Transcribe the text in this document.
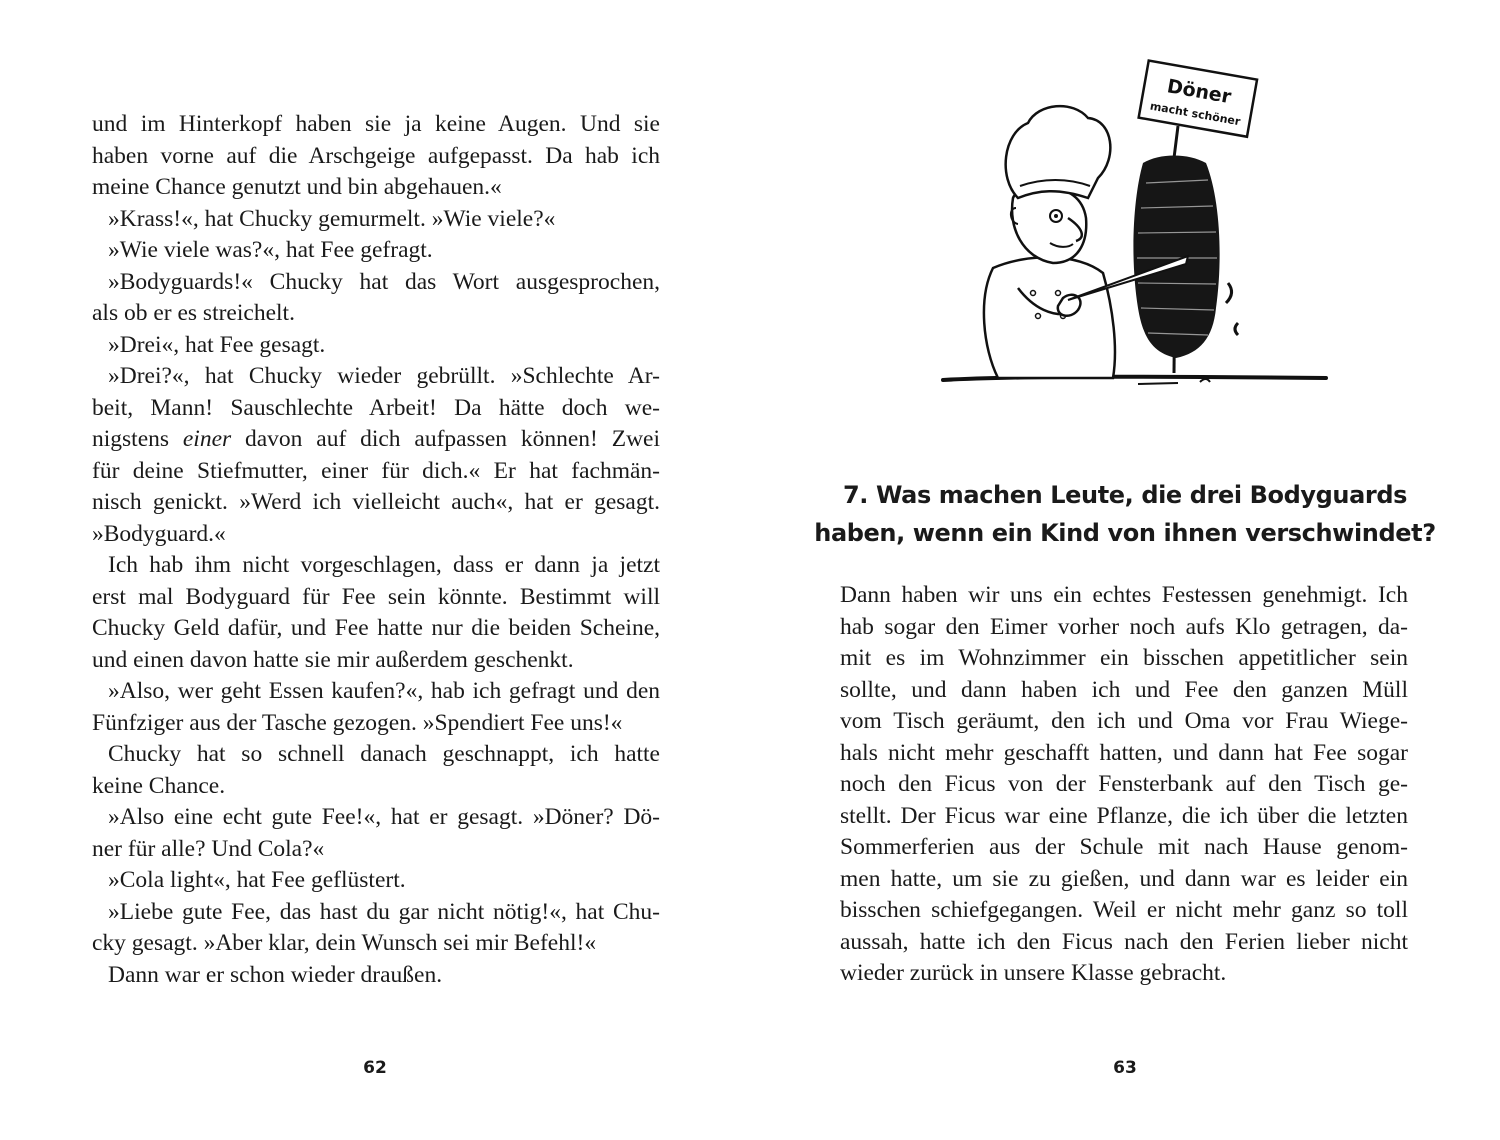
und im Hinterkopf haben sie ja keine Augen. Und sie

haben vorne auf die Arschgeige aufgepasst. Da hab ich

meine Chance genutzt und bin abgehauen.«

»Krass!«, hat Chucky gemurmelt. »Wie viele?«

»Wie viele was?«, hat Fee gefragt.

»Bodyguards!« Chucky hat das Wort ausgesprochen,

als ob er es streichelt.

»Drei«, hat Fee gesagt.

»Drei?«, hat Chucky wieder gebrüllt. »Schlechte Ar-

beit, Mann! Sauschlechte Arbeit! Da hätte doch we-

nigstens einer davon auf dich aufpassen können! Zwei

für deine Stiefmutter, einer für dich.« Er hat fachmän-

nisch genickt. »Werd ich vielleicht auch«, hat er gesagt.

»Bodyguard.«

Ich hab ihm nicht vorgeschlagen, dass er dann ja jetzt

erst mal Bodyguard für Fee sein könnte. Bestimmt will

Chucky Geld dafür, und Fee hatte nur die beiden Scheine,

und einen davon hatte sie mir außerdem geschenkt.

»Also, wer geht Essen kaufen?«, hab ich gefragt und den

Fünfziger aus der Tasche gezogen. »Spendiert Fee uns!«

Chucky hat so schnell danach geschnappt, ich hatte

keine Chance.

»Also eine echt gute Fee!«, hat er gesagt. »Döner? Dö-

ner für alle? Und Cola?«

»Cola light«, hat Fee geflüstert.

»Liebe gute Fee, das hast du gar nicht nötig!«, hat Chu-

cky gesagt. »Aber klar, dein Wunsch sei mir Befehl!«

Dann war er schon wieder draußen.

62
Döner
macht schöner
7. Was machen Leute, die drei Bodyguards
haben, wenn ein Kind von ihnen verschwindet?

Dann haben wir uns ein echtes Festessen genehmigt. Ich

hab sogar den Eimer vorher noch aufs Klo getragen, da-

mit es im Wohnzimmer ein bisschen appetitlicher sein

sollte, und dann haben ich und Fee den ganzen Müll

vom Tisch geräumt, den ich und Oma vor Frau Wiege-

hals nicht mehr geschafft hatten, und dann hat Fee sogar

noch den Ficus von der Fensterbank auf den Tisch ge-

stellt. Der Ficus war eine Pflanze, die ich über die letzten

Sommerferien aus der Schule mit nach Hause genom-

men hatte, um sie zu gießen, und dann war es leider ein

bisschen schiefgegangen. Weil er nicht mehr ganz so toll

aussah, hatte ich den Ficus nach den Ferien lieber nicht

wieder zurück in unsere Klasse gebracht.

63
